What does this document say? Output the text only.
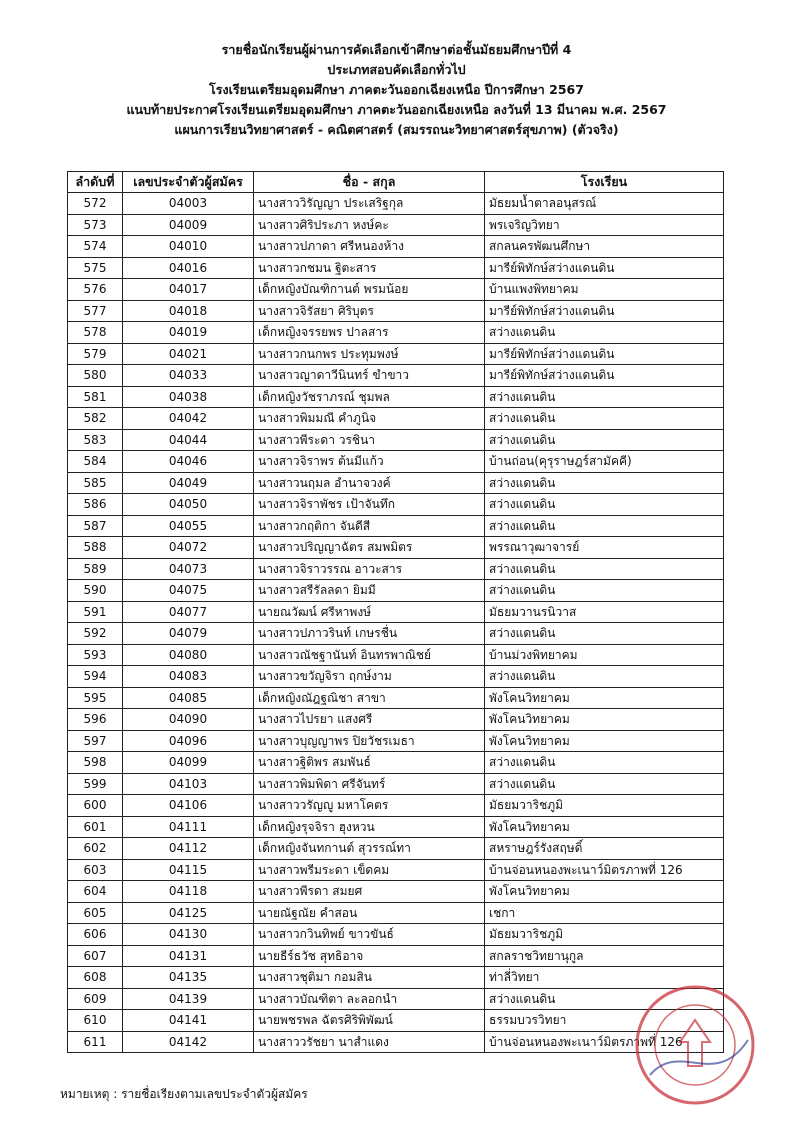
รายชื่อนักเรียนผู้ผ่านการคัดเลือกเข้าศึกษาต่อชั้นมัธยมศึกษาปีที่ 4
ประเภทสอบคัดเลือกทั่วไป
โรงเรียนเตรียมอุดมศึกษา ภาคตะวันออกเฉียงเหนือ ปีการศึกษา 2567
แนบท้ายประกาศโรงเรียนเตรียมอุดมศึกษา ภาคตะวันออกเฉียงเหนือ ลงวันที่ 13 มีนาคม พ.ศ. 2567
แผนการเรียนวิทยาศาสตร์ - คณิตศาสตร์ (สมรรถนะวิทยาศาสตร์สุขภาพ) (ตัวจริง)
ลำดับที่	เลขประจำตัวผู้สมัคร	ชื่อ - สกุล	โรงเรียน
572	04003	นางสาววิรัญญา ประเสริฐกุล	มัธยมน้ำตาลอนุสรณ์
573	04009	นางสาวศิริประภา หงษ์คะ	พรเจริญวิทยา
574	04010	นางสาวปภาดา ศรีหนองห้าง	สกลนครพัฒนศึกษา
575	04016	นางสาวกชมน ฐิตะสาร	มารีย์พิทักษ์สว่างแดนดิน
576	04017	เด็กหญิงบัณฑิกานต์ พรมน้อย	บ้านแพงพิทยาคม
577	04018	นางสาวจิรัสยา ศิริบุตร	มารีย์พิทักษ์สว่างแดนดิน
578	04019	เด็กหญิงจรรยพร ปาลสาร	สว่างแดนดิน
579	04021	นางสาวกนกพร ประทุมพงษ์	มารีย์พิทักษ์สว่างแดนดิน
580	04033	นางสาวญาดาวีนินทร์ ขำขาว	มารีย์พิทักษ์สว่างแดนดิน
581	04038	เด็กหญิงวัชราภรณ์ ชุมพล	สว่างแดนดิน
582	04042	นางสาวพิมมณี คำภูนิจ	สว่างแดนดิน
583	04044	นางสาวพีระดา วรชินา	สว่างแดนดิน
584	04046	นางสาวจิราพร ต้นมีแก้ว	บ้านถ่อน(คุรุราษฎร์สามัคคี)
585	04049	นางสาวนฤมล อำนาจวงค์	สว่างแดนดิน
586	04050	นางสาวจิราพัชร เป้าจันทึก	สว่างแดนดิน
587	04055	นางสาวกฤติกา จันดีสี	สว่างแดนดิน
588	04072	นางสาวปริญญาฉัตร สมพมิตร	พรรณาวุฒาจารย์
589	04073	นางสาวจิราวรรณ อาวะสาร	สว่างแดนดิน
590	04075	นางสาวสรีรัลลดา ยิมมี	สว่างแดนดิน
591	04077	นายณวัฒน์ ศรีหาพงษ์	มัธยมวานรนิวาส
592	04079	นางสาวปภาวรินท์ เกษรชื่น	สว่างแดนดิน
593	04080	นางสาวณัชฐานันท์ อินทรพาณิชย์	บ้านม่วงพิทยาคม
594	04083	นางสาวขวัญจิรา ฤกษ์งาม	สว่างแดนดิน
595	04085	เด็กหญิงณัฎฐณิชา สาขา	พังโคนวิทยาคม
596	04090	นางสาวไปรยา แสงศรี	พังโคนวิทยาคม
597	04096	นางสาวบุญญาพร ปิยวัชรเมธา	พังโคนวิทยาคม
598	04099	นางสาวฐิติพร สมพันธ์	สว่างแดนดิน
599	04103	นางสาวพิมพิดา ศรีจันทร์	สว่างแดนดิน
600	04106	นางสาววรัญญู มหาโคตร	มัธยมวาริชภูมิ
601	04111	เด็กหญิงรุจจิรา ฮุงหวน	พังโคนวิทยาคม
602	04112	เด็กหญิงจันทกานต์ สุวรรณ์ทา	สหราษฎร์รังสฤษดิ์
603	04115	นางสาวพรีมระดา เข็ดคม	บ้านจ่อนหนองพะเนาว์มิตรภาพที่ 126
604	04118	นางสาวพีรดา สมยศ	พังโคนวิทยาคม
605	04125	นายณัฐณัย คำสอน	เชกา
606	04130	นางสาวกวินทิพย์ ขาวขันธ์	มัธยมวาริชภูมิ
607	04131	นายธีร์ธวัช สุทธิอาจ	สกลราชวิทยานุกูล
608	04135	นางสาวชุติมา กอมสิน	ท่าลี่วิทยา
609	04139	นางสาวบัณฑิตา ละลอกนำ	สว่างแดนดิน
610	04141	นายพชรพล ฉัตรศิริพิพัฒน์	ธรรมบวรวิทยา
611	04142	นางสาววรัชยา นาสำแดง	บ้านจ่อนหนองพะเนาว์มิตรภาพที่ 126
หมายเหตุ : รายชื่อเรียงตามเลขประจำตัวผู้สมัคร
